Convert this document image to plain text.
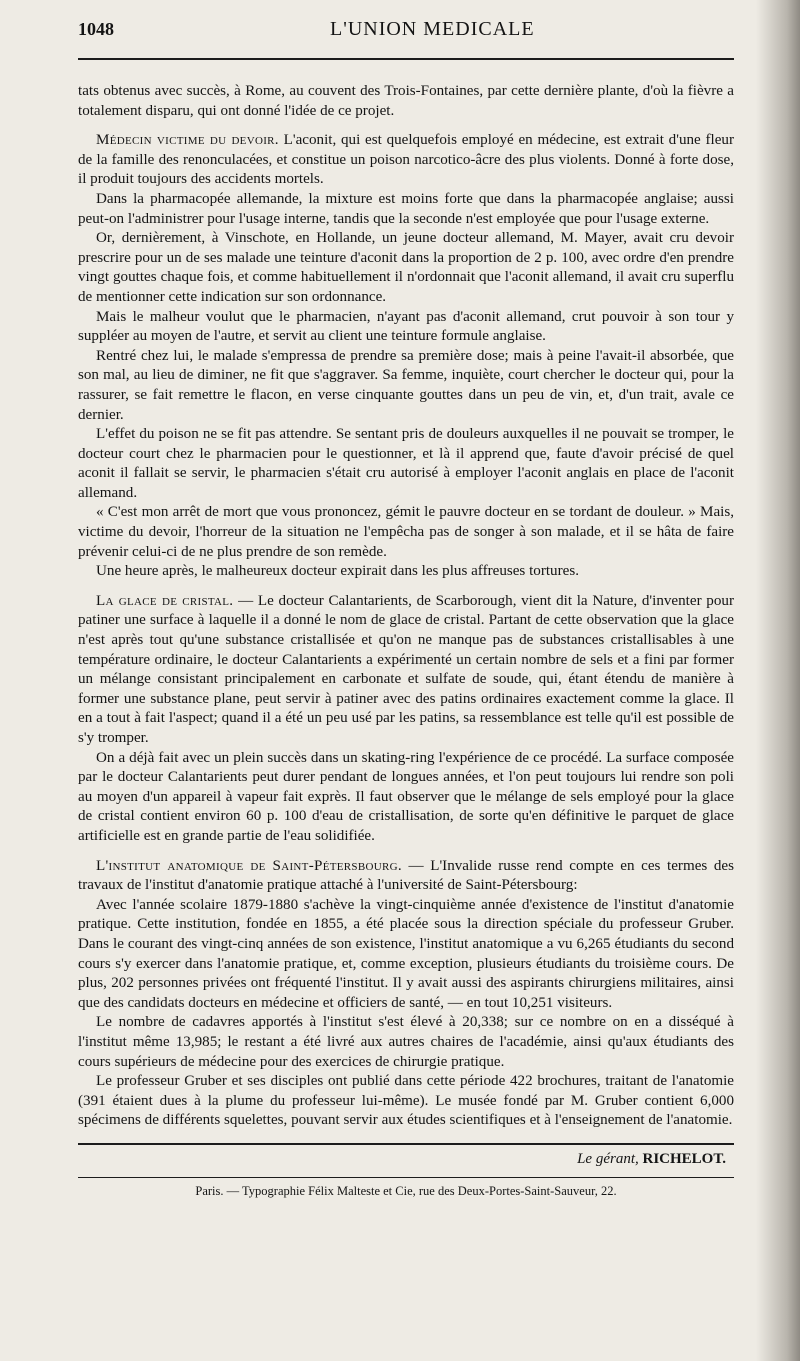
1048	L'UNION MEDICALE

tats obtenus avec succès, à Rome, au couvent des Trois-Fontaines, par cette dernière plante, d'où la fièvre a totalement disparu, qui ont donné l'idée de ce projet.

Médecin victime du devoir. L'aconit, qui est quelquefois employé en médecine, est extrait d'une fleur de la famille des renonculacées, et constitue un poison narcotico-âcre des plus violents. Donné à forte dose, il produit toujours des accidents mortels.

Dans la pharmacopée allemande, la mixture est moins forte que dans la pharmacopée anglaise; aussi peut-on l'administrer pour l'usage interne, tandis que la seconde n'est employée que pour l'usage externe.

Or, dernièrement, à Vinschote, en Hollande, un jeune docteur allemand, M. Mayer, avait cru devoir prescrire pour un de ses malade une teinture d'aconit dans la proportion de 2 p. 100, avec ordre d'en prendre vingt gouttes chaque fois, et comme habituellement il n'ordonnait que l'aconit allemand, il avait cru superflu de mentionner cette indication sur son ordonnance.

Mais le malheur voulut que le pharmacien, n'ayant pas d'aconit allemand, crut pouvoir à son tour y suppléer au moyen de l'autre, et servit au client une teinture formule anglaise.

Rentré chez lui, le malade s'empressa de prendre sa première dose; mais à peine l'avait-il absorbée, que son mal, au lieu de diminer, ne fit que s'aggraver. Sa femme, inquiète, court chercher le docteur qui, pour la rassurer, se fait remettre le flacon, en verse cinquante gouttes dans un peu de vin, et, d'un trait, avale ce dernier.

L'effet du poison ne se fit pas attendre. Se sentant pris de douleurs auxquelles il ne pouvait se tromper, le docteur court chez le pharmacien pour le questionner, et là il apprend que, faute d'avoir précisé de quel aconit il fallait se servir, le pharmacien s'était cru autorisé à employer l'aconit anglais en place de l'aconit allemand.

« C'est mon arrêt de mort que vous prononcez, gémit le pauvre docteur en se tordant de douleur. » Mais, victime du devoir, l'horreur de la situation ne l'empêcha pas de songer à son malade, et il se hâta de faire prévenir celui-ci de ne plus prendre de son remède.

Une heure après, le malheureux docteur expirait dans les plus affreuses tortures.

La glace de cristal. — Le docteur Calantarients, de Scarborough, vient dit la Nature, d'inventer pour patiner une surface à laquelle il a donné le nom de glace de cristal. Partant de cette observation que la glace n'est après tout qu'une substance cristallisée et qu'on ne manque pas de substances cristallisables à une température ordinaire, le docteur Calantarients a expérimenté un certain nombre de sels et a fini par former un mélange consistant principalement en carbonate et sulfate de soude, qui, étant étendu de manière à former une substance plane, peut servir à patiner avec des patins ordinaires exactement comme la glace. Il en a tout à fait l'aspect; quand il a été un peu usé par les patins, sa ressemblance est telle qu'il est possible de s'y tromper.

On a déjà fait avec un plein succès dans un skating-ring l'expérience de ce procédé. La surface composée par le docteur Calantarients peut durer pendant de longues années, et l'on peut toujours lui rendre son poli au moyen d'un appareil à vapeur fait exprès. Il faut observer que le mélange de sels employé pour la glace de cristal contient environ 60 p. 100 d'eau de cristallisation, de sorte qu'en définitive le parquet de glace artificielle est en grande partie de l'eau solidifiée.

L'institut anatomique de Saint-Pétersbourg. — L'Invalide russe rend compte en ces termes des travaux de l'institut d'anatomie pratique attaché à l'université de Saint-Pétersbourg:

Avec l'année scolaire 1879-1880 s'achève la vingt-cinquième année d'existence de l'institut d'anatomie pratique. Cette institution, fondée en 1855, a été placée sous la direction spéciale du professeur Gruber. Dans le courant des vingt-cinq années de son existence, l'institut anatomique a vu 6,265 étudiants du second cours s'y exercer dans l'anatomie pratique, et, comme exception, plusieurs étudiants du troisième cours. De plus, 202 personnes privées ont fréquenté l'institut. Il y avait aussi des aspirants chirurgiens militaires, ainsi que des candidats docteurs en médecine et officiers de santé, — en tout 10,251 visiteurs.

Le nombre de cadavres apportés à l'institut s'est élevé à 20,338; sur ce nombre on en a disséqué à l'institut même 13,985; le restant a été livré aux autres chaires de l'académie, ainsi qu'aux étudiants des cours supérieurs de médecine pour des exercices de chirurgie pratique.

Le professeur Gruber et ses disciples ont publié dans cette période 422 brochures, traitant de l'anatomie (391 étaient dues à la plume du professeur lui-même). Le musée fondé par M. Gruber contient 6,000 spécimens de différents squelettes, pouvant servir aux études scientifiques et à l'enseignement de l'anatomie.

Le gérant, RICHELOT.
Paris. — Typographie Félix Malteste et Cie, rue des Deux-Portes-Saint-Sauveur, 22.
